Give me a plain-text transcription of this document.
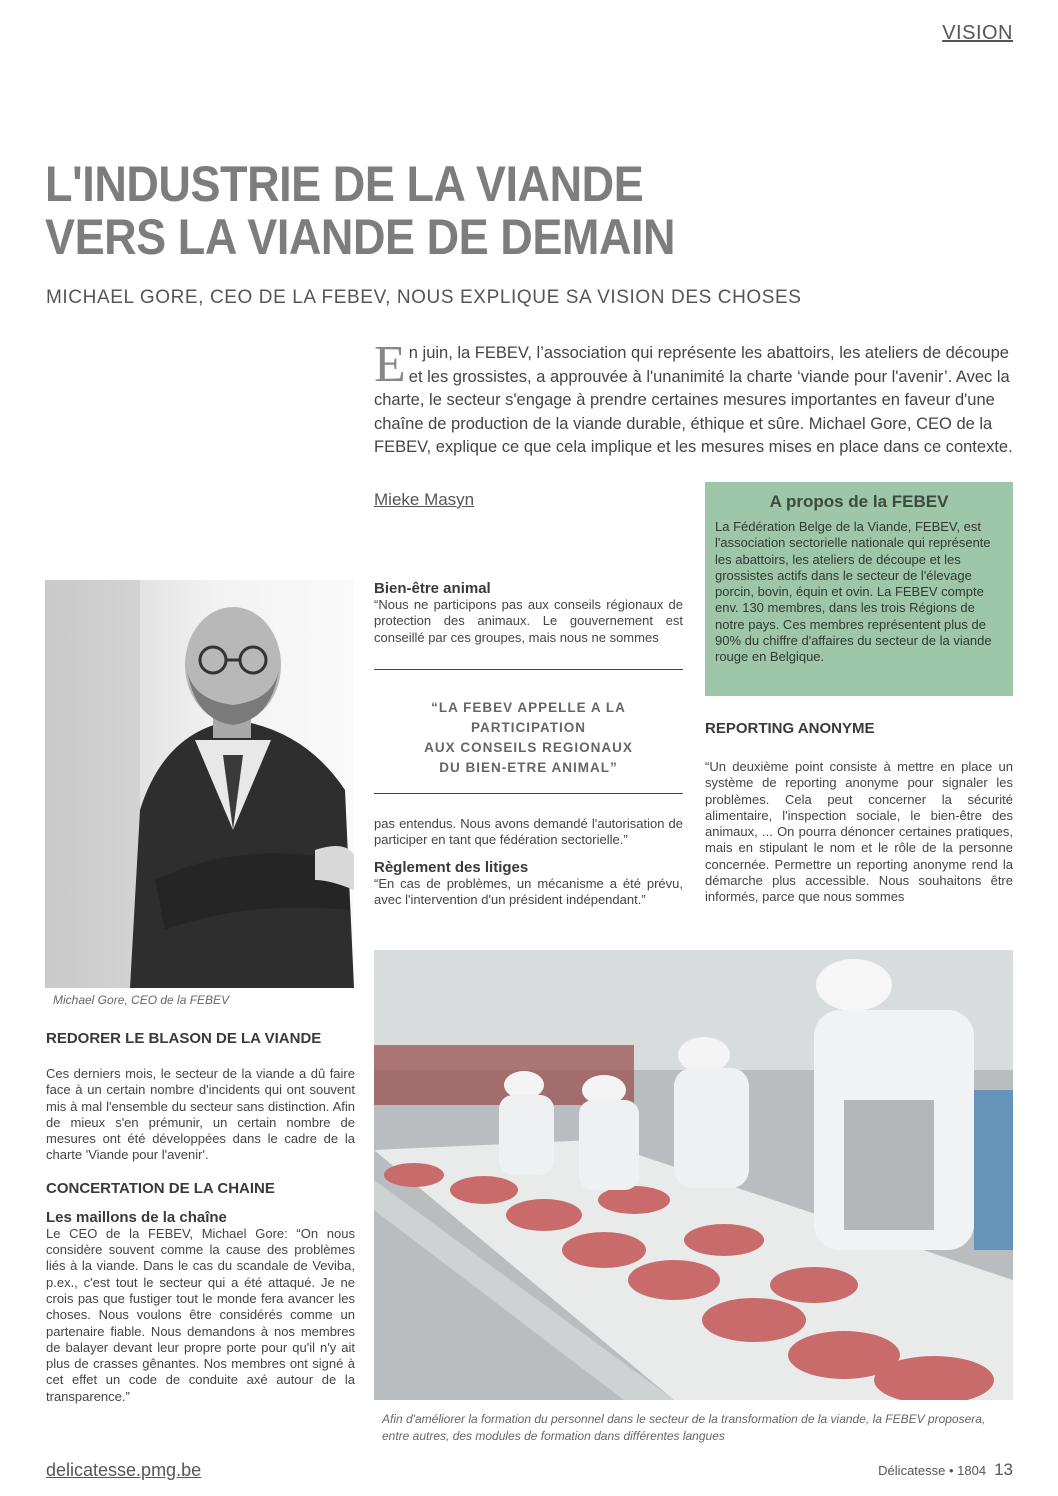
VISION
L'INDUSTRIE DE LA VIANDE
VERS LA VIANDE DE DEMAIN
MICHAEL GORE, CEO DE LA FEBEV, NOUS EXPLIQUE SA VISION DES CHOSES
En juin, la FEBEV, l’association qui représente les abattoirs, les ateliers de découpe et les grossistes, a approuvée à l'unanimité la charte ‘viande pour l'avenir’. Avec la charte, le secteur s'engage à prendre certaines mesures importantes en faveur d'une chaîne de production de la viande durable, éthique et sûre. Michael Gore, CEO de la FEBEV, explique ce que cela implique et les mesures mises en place dans ce contexte.
Mieke Masyn	A propos de la FEBEV

La Fédération Belge de la Viande, FEBEV, est l'association sectorielle nationale qui représente les abattoirs, les ateliers de découpe et les grossistes actifs dans le secteur de l'élevage porcin, bovin, équin et ovin. La FEBEV compte env. 130 membres, dans les trois Régions de notre pays. Ces membres représentent plus de 90% du chiffre d'affaires du secteur de la viande rouge en Belgique.

Michael Gore, CEO de la FEBEV

Bien-être animal

“Nous ne participons pas aux conseils régionaux de protection des animaux. Le gouvernement est conseillé par ces groupes, mais nous ne sommes

“LA FEBEV APPELLE A LA PARTICIPATION
AUX CONSEILS REGIONAUX
DU BIEN-ETRE ANIMAL”

pas entendus. Nous avons demandé l'autorisation de participer en tant que fédération sectorielle.”

Règlement des litiges

“En cas de problèmes, un mécanisme a été prévu, avec l'intervention d'un président indépendant.”

REPORTING ANONYME

“Un deuxième point consiste à mettre en place un système de reporting anonyme pour signaler les problèmes. Cela peut concerner la sécurité alimentaire, l'inspection sociale, le bien-être des animaux, ... On pourra dénoncer certaines pratiques, mais en stipulant le nom et le rôle de la personne concernée. Permettre un reporting anonyme rend la démarche plus accessible. Nous souhaitons être informés, parce que nous sommes

REDORER LE BLASON DE LA VIANDE

Ces derniers mois, le secteur de la viande a dû faire face à un certain nombre d'incidents qui ont souvent mis à mal l'ensemble du secteur sans distinction. Afin de mieux s'en prémunir, un certain nombre de mesures ont été développées dans le cadre de la charte 'Viande pour l'avenir'.

CONCERTATION DE LA CHAINE

Les maillons de la chaîne

Le CEO de la FEBEV, Michael Gore: “On nous considère souvent comme la cause des problèmes liés à la viande. Dans le cas du scandale de Veviba, p.ex., c'est tout le secteur qui a été attaqué. Je ne crois pas que fustiger tout le monde fera avancer les choses. Nous voulons être considérés comme un partenaire fiable. Nous demandons à nos membres de balayer devant leur propre porte pour qu'il n'y ait plus de crasses gênantes. Nos membres ont signé à cet effet un code de conduite axé autour de la transparence.”

Afin d'améliorer la formation du personnel dans le secteur de la transformation de la viande, la FEBEV proposera, entre autres, des modules de formation dans différentes langues
delicatesse.pmg.be	Délicatesse • 1804 13
